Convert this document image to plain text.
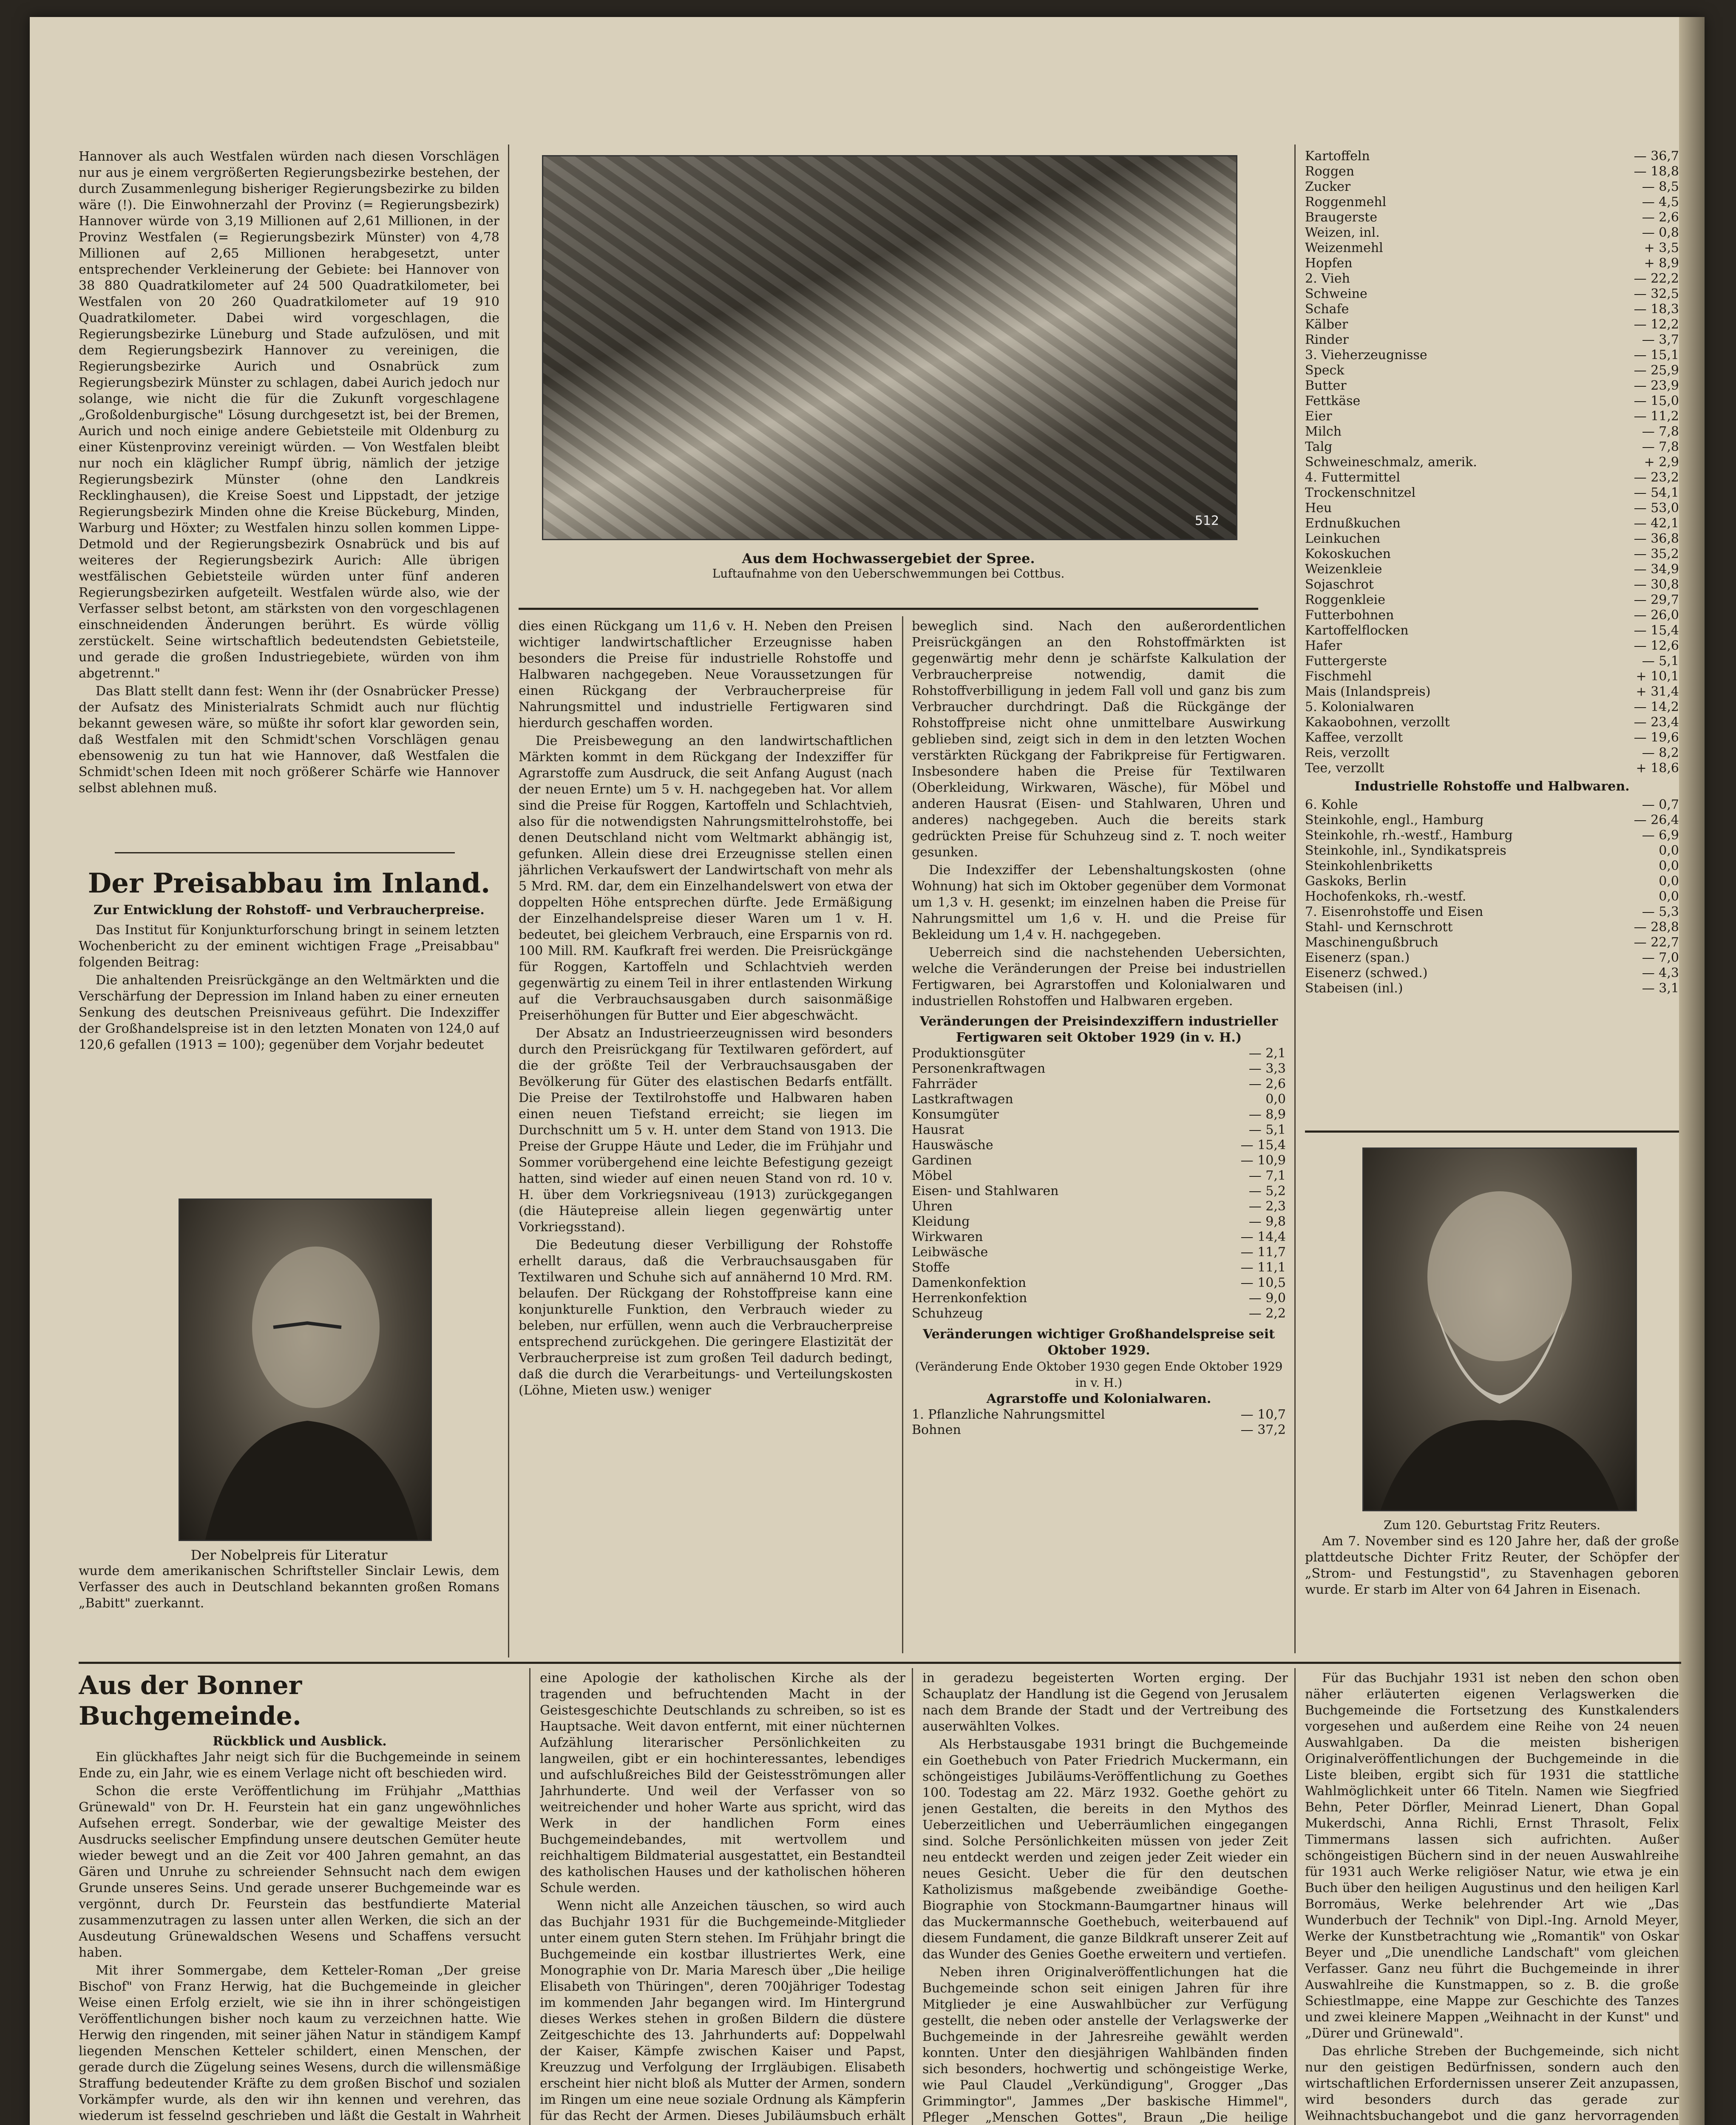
Hannover als auch Westfalen würden nach diesen Vorschlägen nur aus je einem vergrößerten Regierungsbezirke bestehen, der durch Zusammenlegung bisheriger Regierungsbezirke zu bilden wäre (!). Die Einwohnerzahl der Provinz (= Regierungsbezirk) Hannover würde von 3,19 Millionen auf 2,61 Millionen, in der Provinz Westfalen (= Regierungsbezirk Münster) von 4,78 Millionen auf 2,65 Millionen herabgesetzt, unter entsprechender Verkleinerung der Gebiete: bei Hannover von 38 880 Quadratkilometer auf 24 500 Quadratkilometer, bei Westfalen von 20 260 Quadratkilometer auf 19 910 Quadratkilometer. Dabei wird vorgeschlagen, die Regierungsbezirke Lüneburg und Stade aufzulösen, und mit dem Regierungsbezirk Hannover zu vereinigen, die Regierungsbezirke Aurich und Osnabrück zum Regierungsbezirk Münster zu schlagen, dabei Aurich jedoch nur solange, wie nicht die für die Zukunft vorgeschlagene „Großoldenburgische" Lösung durchgesetzt ist, bei der Bremen, Aurich und noch einige andere Gebietsteile mit Oldenburg zu einer Küstenprovinz vereinigt würden. — Von Westfalen bleibt nur noch ein kläglicher Rumpf übrig, nämlich der jetzige Regierungsbezirk Münster (ohne den Landkreis Recklinghausen), die Kreise Soest und Lippstadt, der jetzige Regierungsbezirk Minden ohne die Kreise Bückeburg, Minden, Warburg und Höxter; zu Westfalen hinzu sollen kommen Lippe-Detmold und der Regierungsbezirk Osnabrück und bis auf weiteres der Regierungsbezirk Aurich: Alle übrigen westfälischen Gebietsteile würden unter fünf anderen Regierungsbezirken aufgeteilt. Westfalen würde also, wie der Verfasser selbst betont, am stärksten von den vorgeschlagenen einschneidenden Änderungen berührt. Es würde völlig zerstückelt. Seine wirtschaftlich bedeutendsten Gebietsteile, und gerade die großen Industriegebiete, würden von ihm abgetrennt."

Das Blatt stellt dann fest: Wenn ihr (der Osnabrücker Presse) der Aufsatz des Ministerialrats Schmidt auch nur flüchtig bekannt gewesen wäre, so müßte ihr sofort klar geworden sein, daß Westfalen mit den Schmidt'schen Vorschlägen genau ebensowenig zu tun hat wie Hannover, daß Westfalen die Schmidt'schen Ideen mit noch größerer Schärfe wie Hannover selbst ablehnen muß.

Der Preisabbau im Inland.
Zur Entwicklung der Rohstoff- und Verbraucherpreise.

Das Institut für Konjunkturforschung bringt in seinem letzten Wochenbericht zu der eminent wichtigen Frage „Preisabbau" folgenden Beitrag:

Die anhaltenden Preisrückgänge an den Weltmärkten und die Verschärfung der Depression im Inland haben zu einer erneuten Senkung des deutschen Preisniveaus geführt. Die Indexziffer der Großhandelspreise ist in den letzten Monaten von 124,0 auf 120,6 gefallen (1913 = 100); gegenüber dem Vorjahr bedeutet

Der Nobelpreis für Literatur

wurde dem amerikanischen Schriftsteller Sinclair Lewis, dem Verfasser des auch in Deutschland bekannten großen Romans „Babitt" zuerkannt.

512
Aus dem Hochwassergebiet der Spree.
Luftaufnahme von den Ueberschwemmungen bei Cottbus.

dies einen Rückgang um 11,6 v. H. Neben den Preisen wichtiger landwirtschaftlicher Erzeugnisse haben besonders die Preise für industrielle Rohstoffe und Halbwaren nachgegeben. Neue Voraussetzungen für einen Rückgang der Verbraucherpreise für Nahrungsmittel und industrielle Fertigwaren sind hierdurch geschaffen worden.

Die Preisbewegung an den landwirtschaftlichen Märkten kommt in dem Rückgang der Indexziffer für Agrarstoffe zum Ausdruck, die seit Anfang August (nach der neuen Ernte) um 5 v. H. nachgegeben hat. Vor allem sind die Preise für Roggen, Kartoffeln und Schlachtvieh, also für die notwendigsten Nahrungsmittelrohstoffe, bei denen Deutschland nicht vom Weltmarkt abhängig ist, gefunken. Allein diese drei Erzeugnisse stellen einen jährlichen Verkaufswert der Landwirtschaft von mehr als 5 Mrd. RM. dar, dem ein Einzelhandelswert von etwa der doppelten Höhe entsprechen dürfte. Jede Ermäßigung der Einzelhandelspreise dieser Waren um 1 v. H. bedeutet, bei gleichem Verbrauch, eine Ersparnis von rd. 100 Mill. RM. Kaufkraft frei werden. Die Preisrückgänge für Roggen, Kartoffeln und Schlachtvieh werden gegenwärtig zu einem Teil in ihrer entlastenden Wirkung auf die Verbrauchsausgaben durch saisonmäßige Preiserhöhungen für Butter und Eier abgeschwächt.

Der Absatz an Industrieerzeugnissen wird besonders durch den Preisrückgang für Textilwaren gefördert, auf die der größte Teil der Verbrauchsausgaben der Bevölkerung für Güter des elastischen Bedarfs entfällt. Die Preise der Textilrohstoffe und Halbwaren haben einen neuen Tiefstand erreicht; sie liegen im Durchschnitt um 5 v. H. unter dem Stand von 1913. Die Preise der Gruppe Häute und Leder, die im Frühjahr und Sommer vorübergehend eine leichte Befestigung gezeigt hatten, sind wieder auf einen neuen Stand von rd. 10 v. H. über dem Vorkriegsniveau (1913) zurückgegangen (die Häutepreise allein liegen gegenwärtig unter Vorkriegsstand).

Die Bedeutung dieser Verbilligung der Rohstoffe erhellt daraus, daß die Verbrauchsausgaben für Textilwaren und Schuhe sich auf annähernd 10 Mrd. RM. belaufen. Der Rückgang der Rohstoffpreise kann eine konjunkturelle Funktion, den Verbrauch wieder zu beleben, nur erfüllen, wenn auch die Verbraucherpreise entsprechend zurückgehen. Die geringere Elastizität der Verbraucherpreise ist zum großen Teil dadurch bedingt, daß die durch die Verarbeitungs- und Verteilungskosten (Löhne, Mieten usw.) weniger

beweglich sind. Nach den außerordentlichen Preisrückgängen an den Rohstoffmärkten ist gegenwärtig mehr denn je schärfste Kalkulation der Verbraucherpreise notwendig, damit die Rohstoffverbilligung in jedem Fall voll und ganz bis zum Verbraucher durchdringt. Daß die Rückgänge der Rohstoffpreise nicht ohne unmittelbare Auswirkung geblieben sind, zeigt sich in dem in den letzten Wochen verstärkten Rückgang der Fabrikpreise für Fertigwaren. Insbesondere haben die Preise für Textilwaren (Oberkleidung, Wirkwaren, Wäsche), für Möbel und anderen Hausrat (Eisen- und Stahlwaren, Uhren und anderes) nachgegeben. Auch die bereits stark gedrückten Preise für Schuhzeug sind z. T. noch weiter gesunken.

Die Indexziffer der Lebenshaltungskosten (ohne Wohnung) hat sich im Oktober gegenüber dem Vormonat um 1,3 v. H. gesenkt; im einzelnen haben die Preise für Nahrungsmittel um 1,6 v. H. und die Preise für Bekleidung um 1,4 v. H. nachgegeben.

Ueberreich sind die nachstehenden Uebersichten, welche die Veränderungen der Preise bei industriellen Fertigwaren, bei Agrarstoffen und Kolonialwaren und industriellen Rohstoffen und Halbwaren ergeben.

Veränderungen der Preisindexziffern industrieller Fertigwaren seit Oktober 1929 (in v. H.)
Produktionsgüter	— 2,1
Personenkraftwagen	— 3,3
Fahrräder	— 2,6
Lastkraftwagen	0,0
Konsumgüter	— 8,9
Hausrat	— 5,1
Hauswäsche	— 15,4
Gardinen	— 10,9
Möbel	— 7,1
Eisen- und Stahlwaren	— 5,2
Uhren	— 2,3
Kleidung	— 9,8
Wirkwaren	— 14,4
Leibwäsche	— 11,7
Stoffe	— 11,1
Damenkonfektion	— 10,5
Herrenkonfektion	— 9,0
Schuhzeug	— 2,2
Veränderungen wichtiger Großhandelspreise seit Oktober 1929.
(Veränderung Ende Oktober 1930 gegen Ende Oktober 1929 in v. H.)
Agrarstoffe und Kolonialwaren.
1. Pflanzliche Nahrungsmittel	— 10,7
Bohnen	— 37,2
Kartoffeln	— 36,7
Roggen	— 18,8
Zucker	— 8,5
Roggenmehl	— 4,5
Braugerste	— 2,6
Weizen, inl.	— 0,8
Weizenmehl	+ 3,5
Hopfen	+ 8,9
2. Vieh	— 22,2
Schweine	— 32,5
Schafe	— 18,3
Kälber	— 12,2
Rinder	— 3,7
3. Vieherzeugnisse	— 15,1
Speck	— 25,9
Butter	— 23,9
Fettkäse	— 15,0
Eier	— 11,2
Milch	— 7,8
Talg	— 7,8
Schweineschmalz, amerik.	+ 2,9
4. Futtermittel	— 23,2
Trockenschnitzel	— 54,1
Heu	— 53,0
Erdnußkuchen	— 42,1
Leinkuchen	— 36,8
Kokoskuchen	— 35,2
Weizenkleie	— 34,9
Sojaschrot	— 30,8
Roggenkleie	— 29,7
Futterbohnen	— 26,0
Kartoffelflocken	— 15,4
Hafer	— 12,6
Futtergerste	— 5,1
Fischmehl	+ 10,1
Mais (Inlandspreis)	+ 31,4
5. Kolonialwaren	— 14,2
Kakaobohnen, verzollt	— 23,4
Kaffee, verzollt	— 19,6
Reis, verzollt	— 8,2
Tee, verzollt	+ 18,6
Industrielle Rohstoffe und Halbwaren.
6. Kohle	— 0,7
Steinkohle, engl., Hamburg	— 26,4
Steinkohle, rh.-westf., Hamburg	— 6,9
Steinkohle, inl., Syndikatspreis	0,0
Steinkohlenbriketts	0,0
Gaskoks, Berlin	0,0
Hochofenkoks, rh.-westf.	0,0
7. Eisenrohstoffe und Eisen	— 5,3
Stahl- und Kernschrott	— 28,8
Maschinengußbruch	— 22,7
Eisenerz (span.)	— 7,0
Eisenerz (schwed.)	— 4,3
Stabeisen (inl.)	— 3,1
Zum 120. Geburtstag Fritz Reuters.

Am 7. November sind es 120 Jahre her, daß der große plattdeutsche Dichter Fritz Reuter, der Schöpfer der „Strom- und Festungstid", zu Stavenhagen geboren wurde. Er starb im Alter von 64 Jahren in Eisenach.

Aus der Bonner Buchgemeinde.
Rückblick und Ausblick.

Ein glückhaftes Jahr neigt sich für die Buchgemeinde in seinem Ende zu, ein Jahr, wie es einem Verlage nicht oft beschieden wird.

Schon die erste Veröffentlichung im Frühjahr „Matthias Grünewald" von Dr. H. Feurstein hat ein ganz ungewöhnliches Aufsehen erregt. Sonderbar, wie der gewaltige Meister des Ausdrucks seelischer Empfindung unsere deutschen Gemüter heute wieder bewegt und an die Zeit vor 400 Jahren gemahnt, an das Gären und Unruhe zu schreiender Sehnsucht nach dem ewigen Grunde unseres Seins. Und gerade unserer Buchgemeinde war es vergönnt, durch Dr. Feurstein das bestfundierte Material zusammenzutragen zu lassen unter allen Werken, die sich an der Ausdeutung Grünewaldschen Wesens und Schaffens versucht haben.

Mit ihrer Sommergabe, dem Ketteler-Roman „Der greise Bischof" von Franz Herwig, hat die Buchgemeinde in gleicher Weise einen Erfolg erzielt, wie sie ihn in ihrer schöngeistigen Veröffentlichungen bisher noch kaum zu verzeichnen hatte. Wie Herwig den ringenden, mit seiner jähen Natur in ständigem Kampf liegenden Menschen Ketteler schildert, einen Menschen, der gerade durch die Zügelung seines Wesens, durch die willensmäßige Straffung bedeutender Kräfte zu dem großen Bischof und sozialen Vorkämpfer wurde, als den wir ihn kennen und verehren, das wiederum ist fesselnd geschrieben und läßt die Gestalt in Wahrheit

eine Apologie der katholischen Kirche als der tragenden und befruchtenden Macht in der Geistesgeschichte Deutschlands zu schreiben, so ist es Hauptsache. Weit davon entfernt, mit einer nüchternen Aufzählung literarischer Persönlichkeiten zu langweilen, gibt er ein hochinteressantes, lebendiges und aufschlußreiches Bild der Geistesströmungen aller Jahrhunderte. Und weil der Verfasser von so weitreichender und hoher Warte aus spricht, wird das Werk in der handlichen Form eines Buchgemeindebandes, mit wertvollem und reichhaltigem Bildmaterial ausgestattet, ein Bestandteil des katholischen Hauses und der katholischen höheren Schule werden.

Wenn nicht alle Anzeichen täuschen, so wird auch das Buchjahr 1931 für die Buchgemeinde-Mitglieder unter einem guten Stern stehen. Im Frühjahr bringt die Buchgemeinde ein kostbar illustriertes Werk, eine Monographie von Dr. Maria Maresch über „Die heilige Elisabeth von Thüringen", deren 700jähriger Todestag im kommenden Jahr begangen wird. Im Hintergrund dieses Werkes stehen in großen Bildern die düstere Zeitgeschichte des 13. Jahrhunderts auf: Doppelwahl der Kaiser, Kämpfe zwischen Kaiser und Papst, Kreuzzug und Verfolgung der Irrgläubigen. Elisabeth erscheint hier nicht bloß als Mutter der Armen, sondern im Ringen um eine neue soziale Ordnung als Kämpferin für das Recht der Armen. Dieses Jubiläumsbuch erhält

in geradezu begeisterten Worten erging. Der Schauplatz der Handlung ist die Gegend von Jerusalem nach dem Brande der Stadt und der Vertreibung des auserwählten Volkes.

Als Herbstausgabe 1931 bringt die Buchgemeinde ein Goethebuch von Pater Friedrich Muckermann, ein schöngeistiges Jubiläums-Veröffentlichung zu Goethes 100. Todestag am 22. März 1932. Goethe gehört zu jenen Gestalten, die bereits in den Mythos des Ueberzeitlichen und Ueberräumlichen eingegangen sind. Solche Persönlichkeiten müssen von jeder Zeit neu entdeckt werden und zeigen jeder Zeit wieder ein neues Gesicht. Ueber die für den deutschen Katholizismus maßgebende zweibändige Goethe-Biographie von Stockmann-Baumgartner hinaus will das Muckermannsche Goethebuch, weiterbauend auf diesem Fundament, die ganze Bildkraft unserer Zeit auf das Wunder des Genies Goethe erweitern und vertiefen.

Neben ihren Originalveröffentlichungen hat die Buchgemeinde schon seit einigen Jahren für ihre Mitglieder je eine Auswahlbücher zur Verfügung gestellt, die neben oder anstelle der Verlagswerke der Buchgemeinde in der Jahresreihe gewählt werden konnten. Unter den diesjährigen Wahlbänden finden sich besonders, hochwertig und schöngeistige Werke, wie Paul Claudel „Verkündigung", Grogger „Das Grimmingtor", Jammes „Der baskische Himmel", Pfleger „Menschen Gottes", Braun „Die heilige

Für das Buchjahr 1931 ist neben den schon oben näher erläuterten eigenen Verlagswerken die Buchgemeinde die Fortsetzung des Kunstkalenders vorgesehen und außerdem eine Reihe von 24 neuen Auswahlgaben. Da die meisten bisherigen Originalveröffentlichungen der Buchgemeinde in die Liste bleiben, ergibt sich für 1931 die stattliche Wahlmöglichkeit unter 66 Titeln. Namen wie Siegfried Behn, Peter Dörfler, Meinrad Lienert, Dhan Gopal Mukerdschi, Anna Richli, Ernst Thrasolt, Felix Timmermans lassen sich aufrichten. Außer schöngeistigen Büchern sind in der neuen Auswahlreihe für 1931 auch Werke religiöser Natur, wie etwa je ein Buch über den heiligen Augustinus und den heiligen Karl Borromäus, Werke belehrender Art wie „Das Wunderbuch der Technik" von Dipl.-Ing. Arnold Meyer, Werke der Kunstbetrachtung wie „Romantik" von Oskar Beyer und „Die unendliche Landschaft" vom gleichen Verfasser. Ganz neu führt die Buchgemeinde in ihrer Auswahlreihe die Kunstmappen, so z. B. die große Schiestlmappe, eine Mappe zur Geschichte des Tanzes und zwei kleinere Mappen „Weihnacht in der Kunst" und „Dürer und Grünewald".

Das ehrliche Streben der Buchgemeinde, sich nicht nur den geistigen Bedürfnissen, sondern auch den wirtschaftlichen Erfordernissen unserer Zeit anzupassen, wird besonders durch das gerade zur Weihnachtsbuchangebot und die ganz hervorragenden
